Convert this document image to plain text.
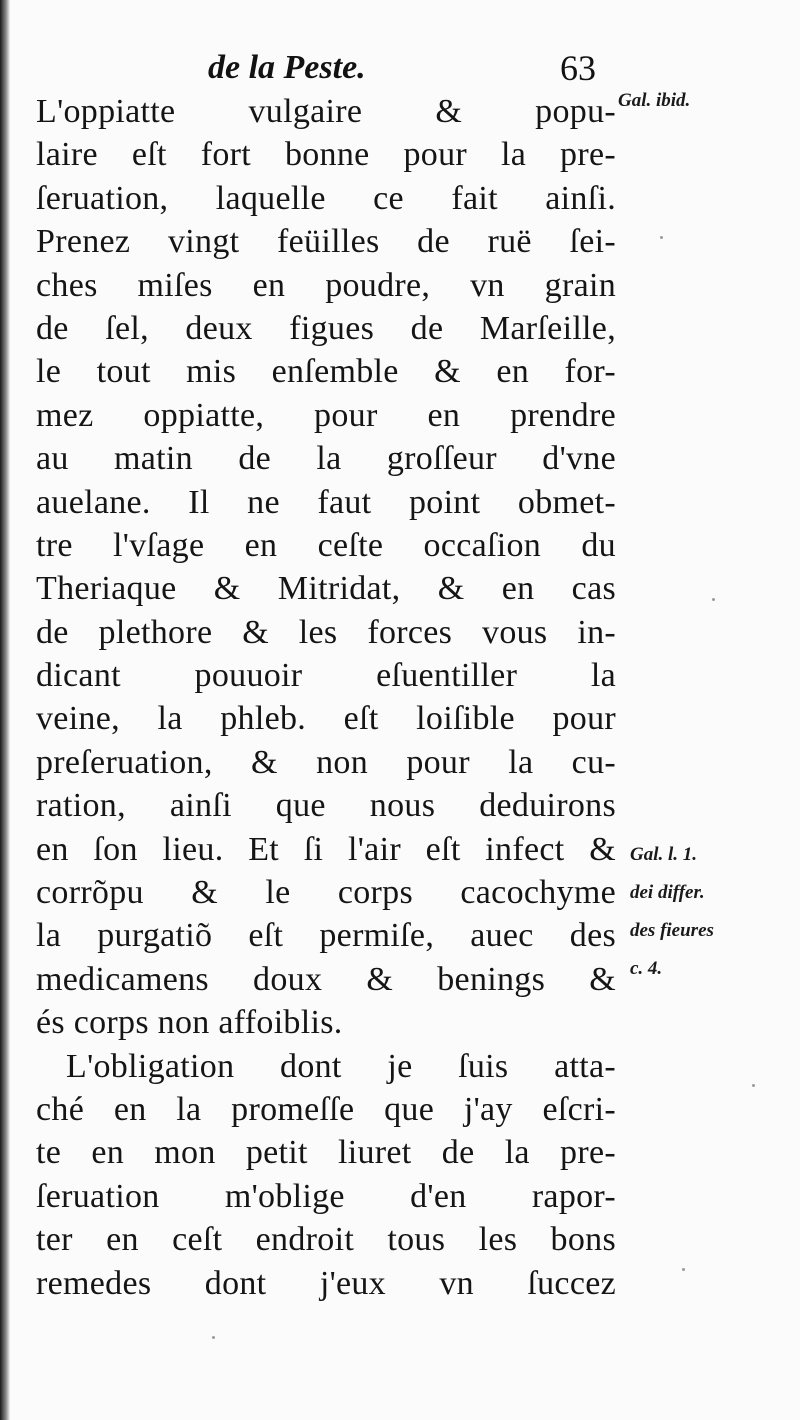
de la Peste.	63
L'oppiatte vulgaire & popu-
laire eſt fort bonne pour la pre-
ſeruation, laquelle ce fait ainſi.
Prenez vingt feüilles de ruë ſei-
ches miſes en poudre, vn grain
de ſel, deux figues de Marſeille,
le tout mis enſemble & en for-
mez oppiatte, pour en prendre
au matin de la groſſeur d'vne
auelane. Il ne faut point obmet-
tre l'vſage en ceſte occaſion du
Theriaque & Mitridat, & en cas
de plethore & les forces vous in-
dicant pouuoir eſuentiller la
veine, la phleb. eſt loiſible pour
preſeruation, & non pour la cu-
ration, ainſi que nous deduirons
en ſon lieu. Et ſi l'air eſt infect &
corrõpu & le corps cacochyme
la purgatiõ eſt permiſe, auec des
medicamens doux & benings &
és corps non affoiblis.
L'obligation dont je ſuis atta-
ché en la promeſſe que j'ay eſcri-
te en mon petit liuret de la pre-
ſeruation m'oblige d'en rapor-
ter en ceſt endroit tous les bons
remedes dont j'eux vn ſuccez
Gal. ibid.
Gal. l. 1.
dei differ.
des fieures
c. 4.
